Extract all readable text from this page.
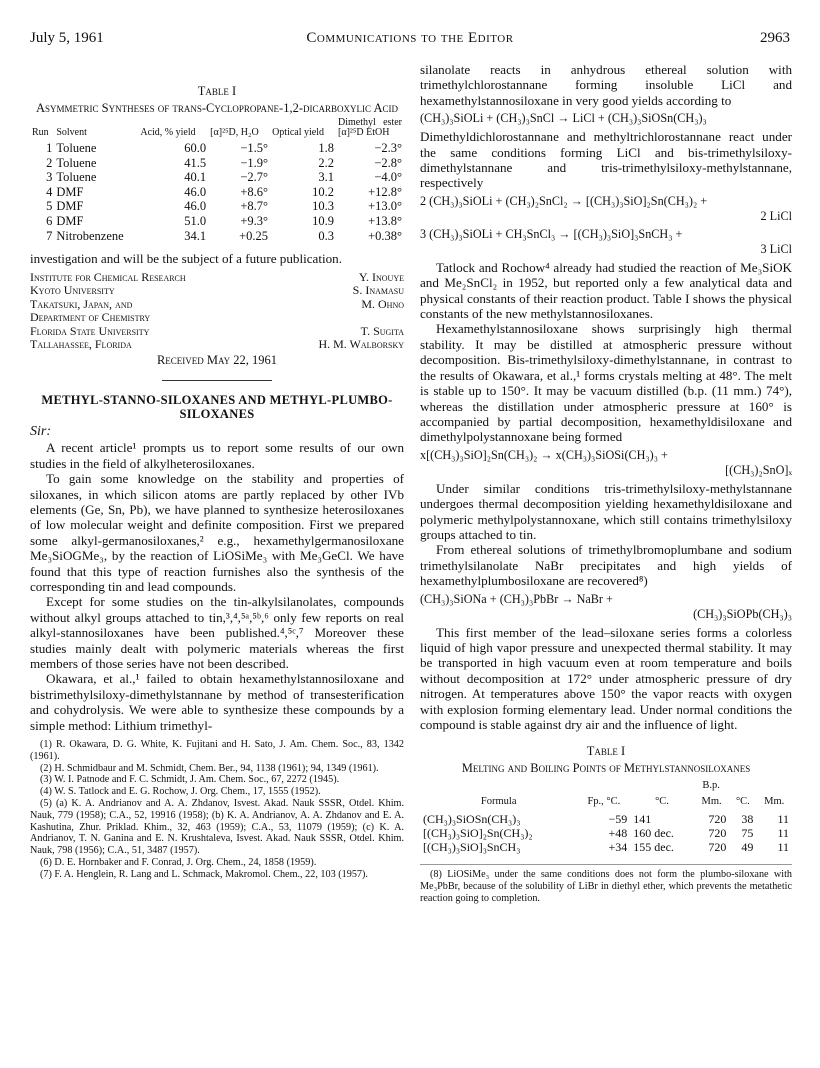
July 5, 1961	Communications to the Editor	2963
Table I
Asymmetric Syntheses of trans-Cyclopropane-1,2-dicarboxylic Acid
Run	Solvent	Acid, % yield	[α]²⁵D, H₂O	Optical yield	Dimethyl ester [α]²⁵D EtOH
1	Toluene	60.0	−1.5°	1.8	−2.3°
2	Toluene	41.5	−1.9°	2.2	−2.8°
3	Toluene	40.1	−2.7°	3.1	−4.0°
4	DMF	46.0	+8.6°	10.2	+12.8°
5	DMF	46.0	+8.7°	10.3	+13.0°
6	DMF	51.0	+9.3°	10.9	+13.8°
7	Nitrobenzene	34.1	+0.25	0.3	+0.38°

investigation and will be the subject of a future publication.

Institute for Chemical Research	Y. Inouye
Kyoto University	S. Inamasu
Takatsuki, Japan, and	M. Ohno
Department of Chemistry
Florida State University	T. Sugita
Tallahassee, Florida	H. M. Walborsky
Received May 22, 1961
METHYL-STANNO-SILOXANES AND METHYL-PLUMBO-SILOXANES
Sir:

A recent article¹ prompts us to report some results of our own studies in the field of alkylheterosiloxanes.

To gain some knowledge on the stability and properties of siloxanes, in which silicon atoms are partly replaced by other IVb elements (Ge, Sn, Pb), we have planned to synthesize heterosiloxanes of low molecular weight and definite composition. First we prepared some alkyl-germanosiloxanes,² e.g., hexamethylgermanosiloxane Me₃SiOGMe₃, by the reaction of LiOSiMe₃ with Me₃GeCl. We have found that this type of reaction furnishes also the synthesis of the corresponding tin and lead compounds.

Except for some studies on the tin-alkylsilanolates, compounds without alkyl groups attached to tin,³,⁴,⁵ᵃ,⁵ᵇ,⁶ only few reports on real alkyl-stannosiloxanes have been published.⁴,⁵ᶜ,⁷ Moreover these studies mainly dealt with polymeric materials whereas the first members of those series have not been described.

Okawara, et al.,¹ failed to obtain hexamethylstannosiloxane and bistrimethylsiloxy-dimethylstannane by method of transesterification and cohydrolysis. We were able to synthesize these compounds by a simple method: Lithium trimethyl-

(1) R. Okawara, D. G. White, K. Fujitani and H. Sato, J. Am. Chem. Soc., 83, 1342 (1961).

(2) H. Schmidbaur and M. Schmidt, Chem. Ber., 94, 1138 (1961); 94, 1349 (1961).

(3) W. I. Patnode and F. C. Schmidt, J. Am. Chem. Soc., 67, 2272 (1945).

(4) W. S. Tatlock and E. G. Rochow, J. Org. Chem., 17, 1555 (1952).

(5) (a) K. A. Andrianov and A. A. Zhdanov, Isvest. Akad. Nauk SSSR, Otdel. Khim. Nauk, 779 (1958); C.A., 52, 19916 (1958); (b) K. A. Andrianov, A. A. Zhdanov and E. A. Kashutina, Zhur. Priklad. Khim., 32, 463 (1959); C.A., 53, 11079 (1959); (c) K. A. Andrianov, T. N. Ganina and E. N. Krushtaleva, Isvest. Akad. Nauk SSSR, Otdel. Khim. Nauk, 798 (1956); C.A., 51, 3487 (1957).

(6) D. E. Hornbaker and F. Conrad, J. Org. Chem., 24, 1858 (1959).

(7) F. A. Henglein, R. Lang and L. Schmack, Makromol. Chem., 22, 103 (1957).

silanolate reacts in anhydrous ethereal solution with trimethylchlorostannane forming insoluble LiCl and hexamethylstannosiloxane in very good yields according to

(CH₃)₃SiOLi + (CH₃)₃SnCl → LiCl + (CH₃)₃SiOSn(CH₃)₃

Dimethyldichlorostannane and methyltrichlorostannane react under the same conditions forming LiCl and bis-trimethylsiloxy-dimethylstannane and tris-trimethylsiloxy-methylstannane, respectively

2 (CH₃)₃SiOLi + (CH₃)₂SnCl₂ → [(CH₃)₃SiO]₂Sn(CH₃)₂ +
2 LiCl
3 (CH₃)₃SiOLi + CH₃SnCl₃ → [(CH₃)₃SiO]₃SnCH₃ +
3 LiCl

Tatlock and Rochow⁴ already had studied the reaction of Me₃SiOK and Me₂SnCl₂ in 1952, but reported only a few analytical data and physical constants of their reaction product. Table I shows the physical constants of the new methylstannosiloxanes.

Hexamethylstannosiloxane shows surprisingly high thermal stability. It may be distilled at atmospheric pressure without decomposition. Bis-trimethylsiloxy-dimethylstannane, in contrast to the results of Okawara, et al.,¹ forms crystals melting at 48°. The melt is stable up to 150°. It may be vacuum distilled (b.p. (11 mm.) 74°), whereas the distillation under atmospheric pressure at 160° is accompanied by partial decomposition, hexamethyldisiloxane and dimethylpolystannoxane being formed

x[(CH₃)₃SiO]₂Sn(CH₃)₂ → x(CH₃)₃SiOSi(CH₃)₃ +
[(CH₃)₂SnO]ₓ

Under similar conditions tris-trimethylsiloxy-methylstannane undergoes thermal decomposition yielding hexamethyldisiloxane and polymeric methylpolystannoxane, which still contains trimethylsiloxy groups attached to tin.

From ethereal solutions of trimethylbromoplumbane and sodium trimethylsilanolate NaBr precipitates and high yields of hexamethylplumbosiloxane are recovered⁸)

(CH₃)₃SiONa + (CH₃)₃PbBr → NaBr +
(CH₃)₃SiOPb(CH₃)₃

This first member of the lead–siloxane series forms a colorless liquid of high vapor pressure and unexpected thermal stability. It may be transported in high vacuum even at room temperature and boils without decomposition at 172° under atmospheric pressure of dry nitrogen. At temperatures above 150° the vapor reacts with oxygen with explosion forming elementary lead. Under normal conditions the compound is stable against dry air and the influence of light.

Table I
Melting and Boiling Points of Methylstannosiloxanes
		B.p.			
Formula	Fp., °C.	°C.	Mm.	°C.	Mm.
(CH₃)₃SiOSn(CH₃)₃	−59	141	720	38	11
[(CH₃)₃SiO]₂Sn(CH₃)₂	+48	160 dec.	720	75	11
[(CH₃)₃SiO]₃SnCH₃	+34	155 dec.	720	49	11

(8) LiOSiMe₃ under the same conditions does not form the plumbo-siloxane with Me₃PbBr, because of the solubility of LiBr in diethyl ether, which prevents the metathetic reaction going to completion.
